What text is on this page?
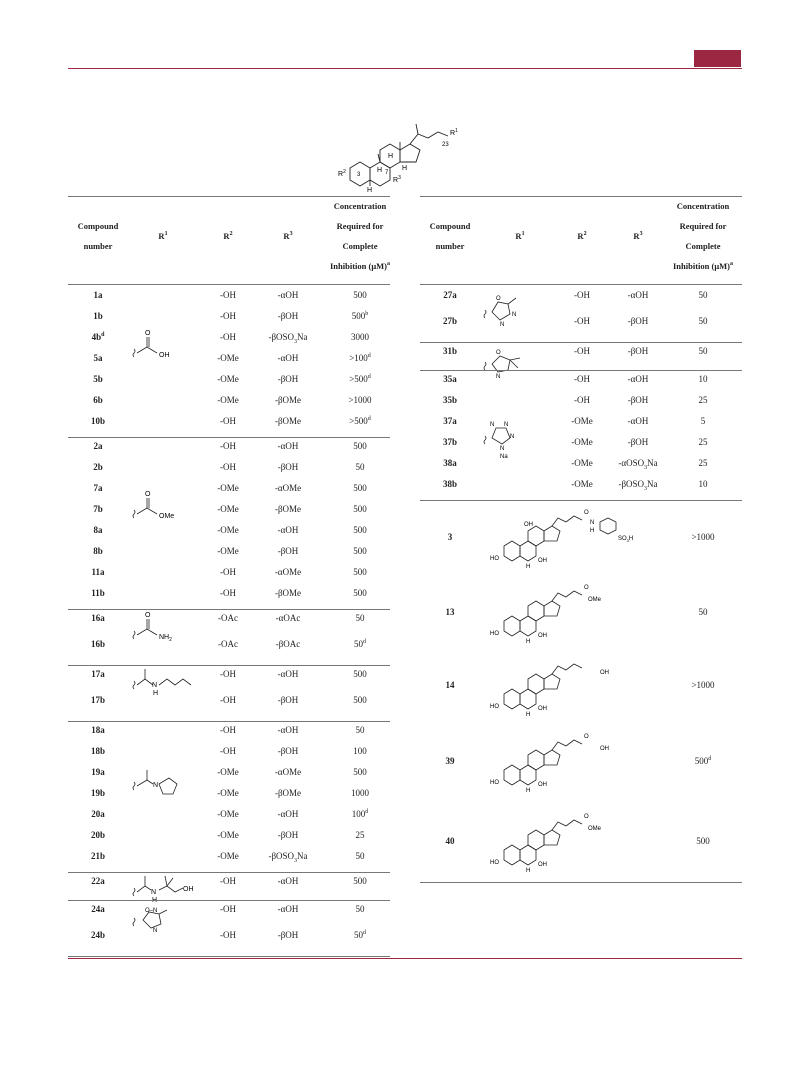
$R^2$ 3	7
$R^3$
$R^1$
23
H
H
H
H
Compound
number
$R^1$	$R^2$	$R^3$
Concentration
Required for
Complete
Inhibition $(\mu M)^a$
1a	-OH	-αOH	500
1b	-OH	-βOH	500$^b$
$4b^d$	-OH	-βOSO$_3$Na	3000
5a	-OMe	-αOH	$>100^d$
5b	-OMe	-βOH	$>500^d$
6b	-OMe	-βOMe	>1000
10b	-OH	-βOMe	$>500^d$
O
OH
2a	-OH	-αOH	500
2b	-OH	-βOH	50
7a	-OMe	-αOMe	500
7b	-OMe	-βOMe	500
8a	-OMe	-αOH	500
8b	-OMe	-βOH	500
11a	-OH	-αOMe	500
11b	-OH	-βOMe	500
O
OMe
16a	-OAc	-αOAc	50
16b	-OAc	-βOAc	50$^d$
O
$NH_2$
17a	-OH	-αOH	500
17b	-OH	-βOH	500
N
H
18a	-OH	-αOH	50
18b	-OH	-βOH	100
19a	-OMe	-αOMe	500
19b	-OMe	-βOMe	1000
20a	-OMe	-αOH	100$^d$
20b	-OMe	-βOH	25
21b	-OMe	-βOSO$_3$Na	50
N
22a	-OH	-αOH	500
N	OH
24a	-OH	-αOH	50
24b	-OH	-βOH	50$^d$
O–N
N
Compound
number
$R^1$	$R^2$	$R^3$
Concentration
Required for
Complete
Inhibition $(\mu M)^a$
27a	-OH	-αOH	50
27b	-OH	-βOH	50
O
N
N
31b	-OH	-βOH	50
O
N
35a	-OH	-αOH	10
35b	-OH	-βOH	25
37a	-OMe	-αOH	5
37b	-OMe	-βOH	25
38a	-OMe	-αOSO$_3$Na	25
38b	-OMe	-βOSO$_3$Na	10
N N
N
N
Na
3	>1000
HO	OH
OH
H
O
N
H
$SO_3H$
13	50
HO	OH
H
O
OMe
14	>1000
HO	OH
OH
H
39	500$^d$
HO	OH
OH
H
O
40	500
HO	OH
H
O
OMe
